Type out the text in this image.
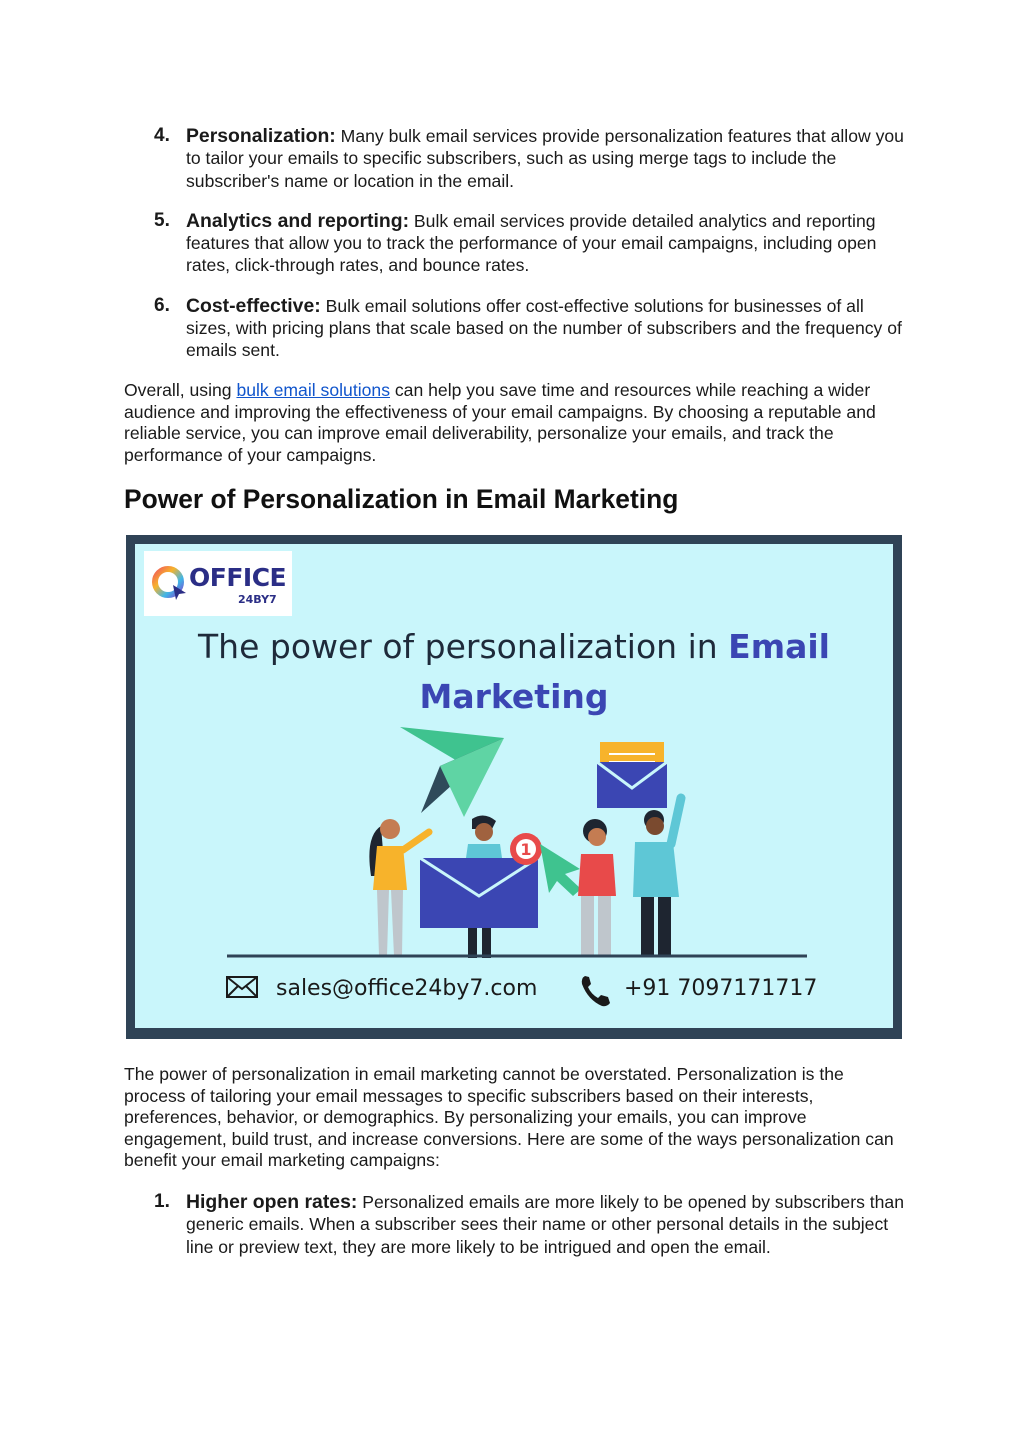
4. Personalization: Many bulk email services provide personalization features that allow you to tailor your emails to specific subscribers, such as using merge tags to include the subscriber's name or location in the email.
5. Analytics and reporting: Bulk email services provide detailed analytics and reporting features that allow you to track the performance of your email campaigns, including open rates, click-through rates, and bounce rates.
6. Cost-effective: Bulk email solutions offer cost-effective solutions for businesses of all sizes, with pricing plans that scale based on the number of subscribers and the frequency of emails sent.

Overall, using bulk email solutions can help you save time and resources while reaching a wider audience and improving the effectiveness of your email campaigns. By choosing a reputable and reliable service, you can improve email deliverability, personalize your emails, and track the performance of your campaigns.

Power of Personalization in Email Marketing
OFFICE
24BY7
The power of personalization in Email
Marketing
1
sales@office24by7.com	+91 7097171717

The power of personalization in email marketing cannot be overstated. Personalization is the process of tailoring your email messages to specific subscribers based on their interests, preferences, behavior, or demographics. By personalizing your emails, you can improve engagement, build trust, and increase conversions. Here are some of the ways personalization can benefit your email marketing campaigns:

1. Higher open rates: Personalized emails are more likely to be opened by subscribers than generic emails. When a subscriber sees their name or other personal details in the subject line or preview text, they are more likely to be intrigued and open the email.
